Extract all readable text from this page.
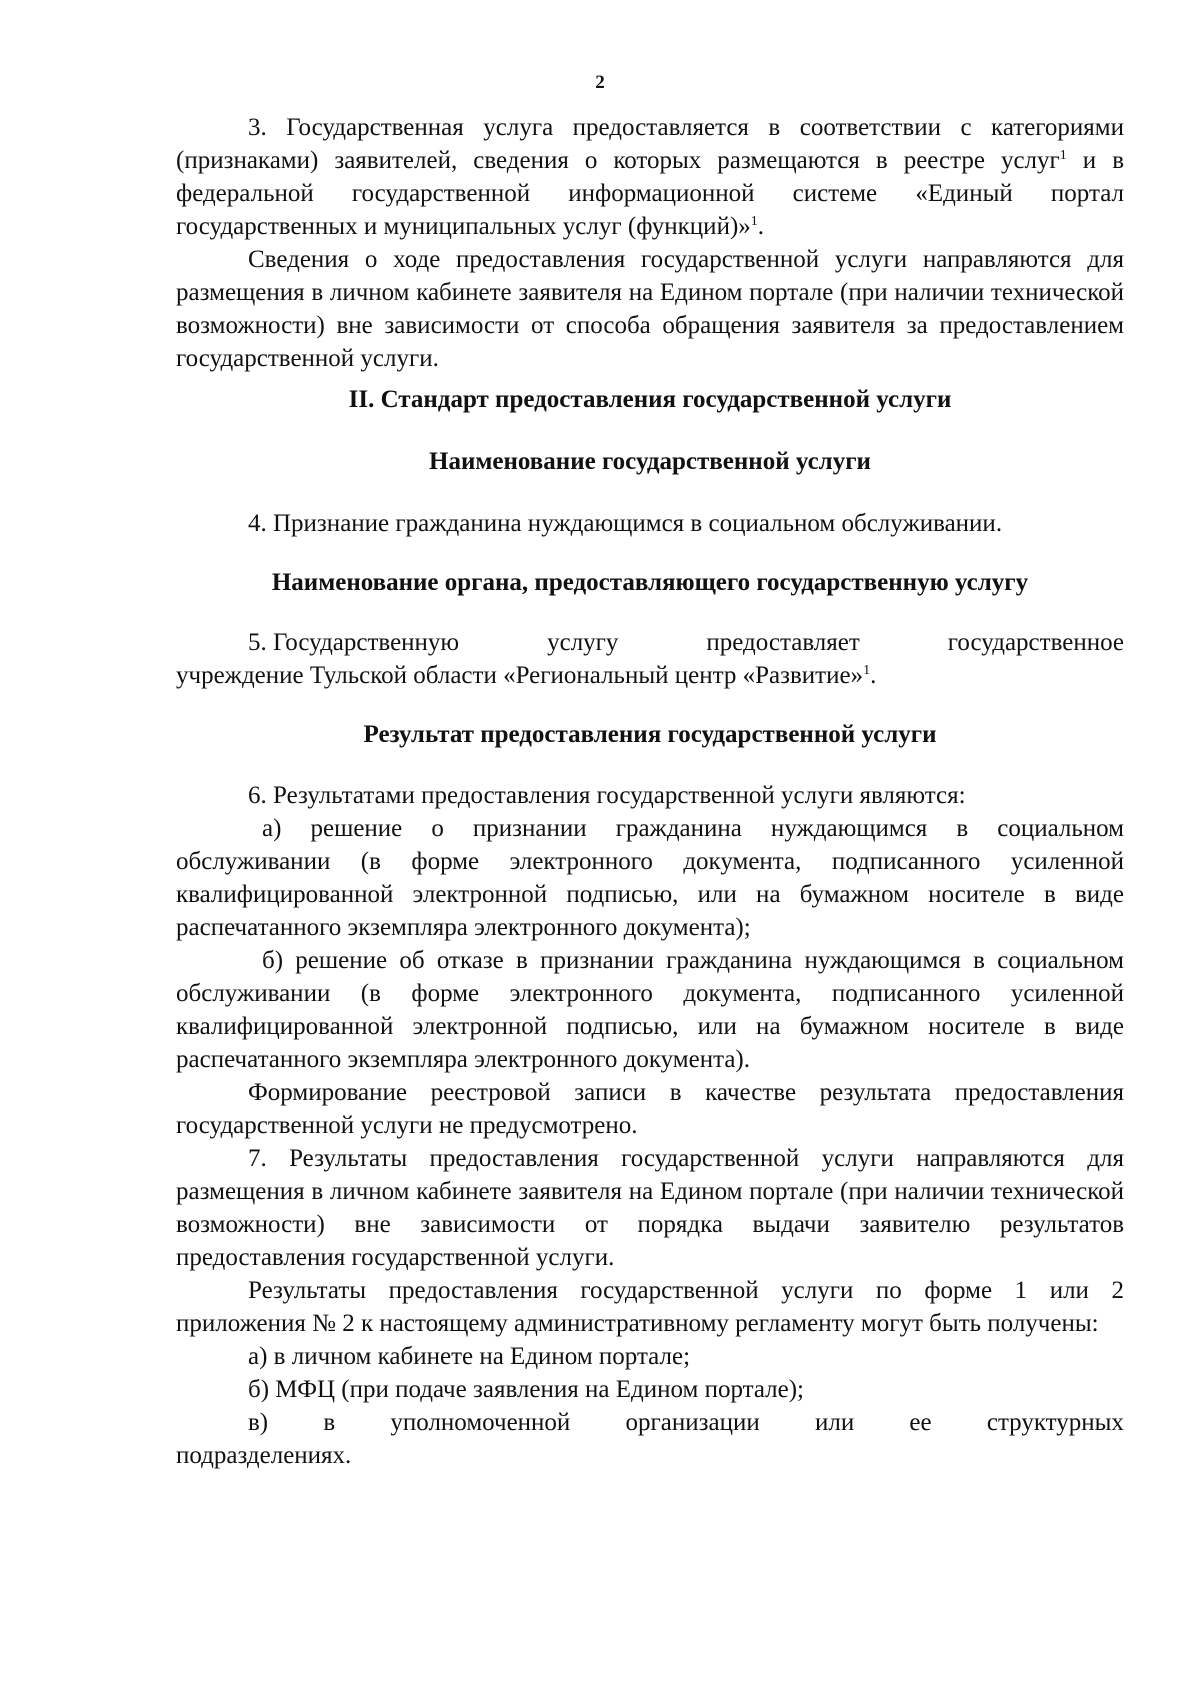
2

3. Государственная услуга предоставляется в соответствии с категориями (признаками) заявителей, сведения о которых размещаются в реестре услуг$^1$ и в федеральной государственной информационной системе «Единый портал государственных и муниципальных услуг (функций)»$^1$.

Сведения о ходе предоставления государственной услуги направляются для размещения в личном кабинете заявителя на Едином портале (при наличии технической возможности) вне зависимости от способа обращения заявителя за предоставлением государственной услуги.

II. Стандарт предоставления государственной услуги
Наименование государственной услуги

4. Признание гражданина нуждающимся в социальном обслуживании.

Наименование органа, предоставляющего государственную услугу
5. Государственную	услугу	предоставляет	государственное
учреждение Тульской области «Региональный центр «Развитие»$^1$.
Результат предоставления государственной услуги

6. Результатами предоставления государственной услуги являются:

а) решение о признании гражданина нуждающимся в социальном обслуживании (в форме электронного документа, подписанного усиленной квалифицированной электронной подписью, или на бумажном носителе в виде распечатанного экземпляра электронного документа);

б) решение об отказе в признании гражданина нуждающимся в социальном обслуживании (в форме электронного документа, подписанного усиленной квалифицированной электронной подписью, или на бумажном носителе в виде распечатанного экземпляра электронного документа).

Формирование реестровой записи в качестве результата предоставления государственной услуги не предусмотрено.

7. Результаты предоставления государственной услуги направляются для размещения в личном кабинете заявителя на Едином портале (при наличии технической возможности) вне зависимости от порядка выдачи заявителю результатов предоставления государственной услуги.

Результаты предоставления государственной услуги по форме 1 или 2 приложения № 2 к настоящему административному регламенту могут быть получены:

а) в личном кабинете на Едином портале;

б) МФЦ (при подаче заявления на Едином портале);

в) в уполномоченной организации или ее структурных
подразделениях.
